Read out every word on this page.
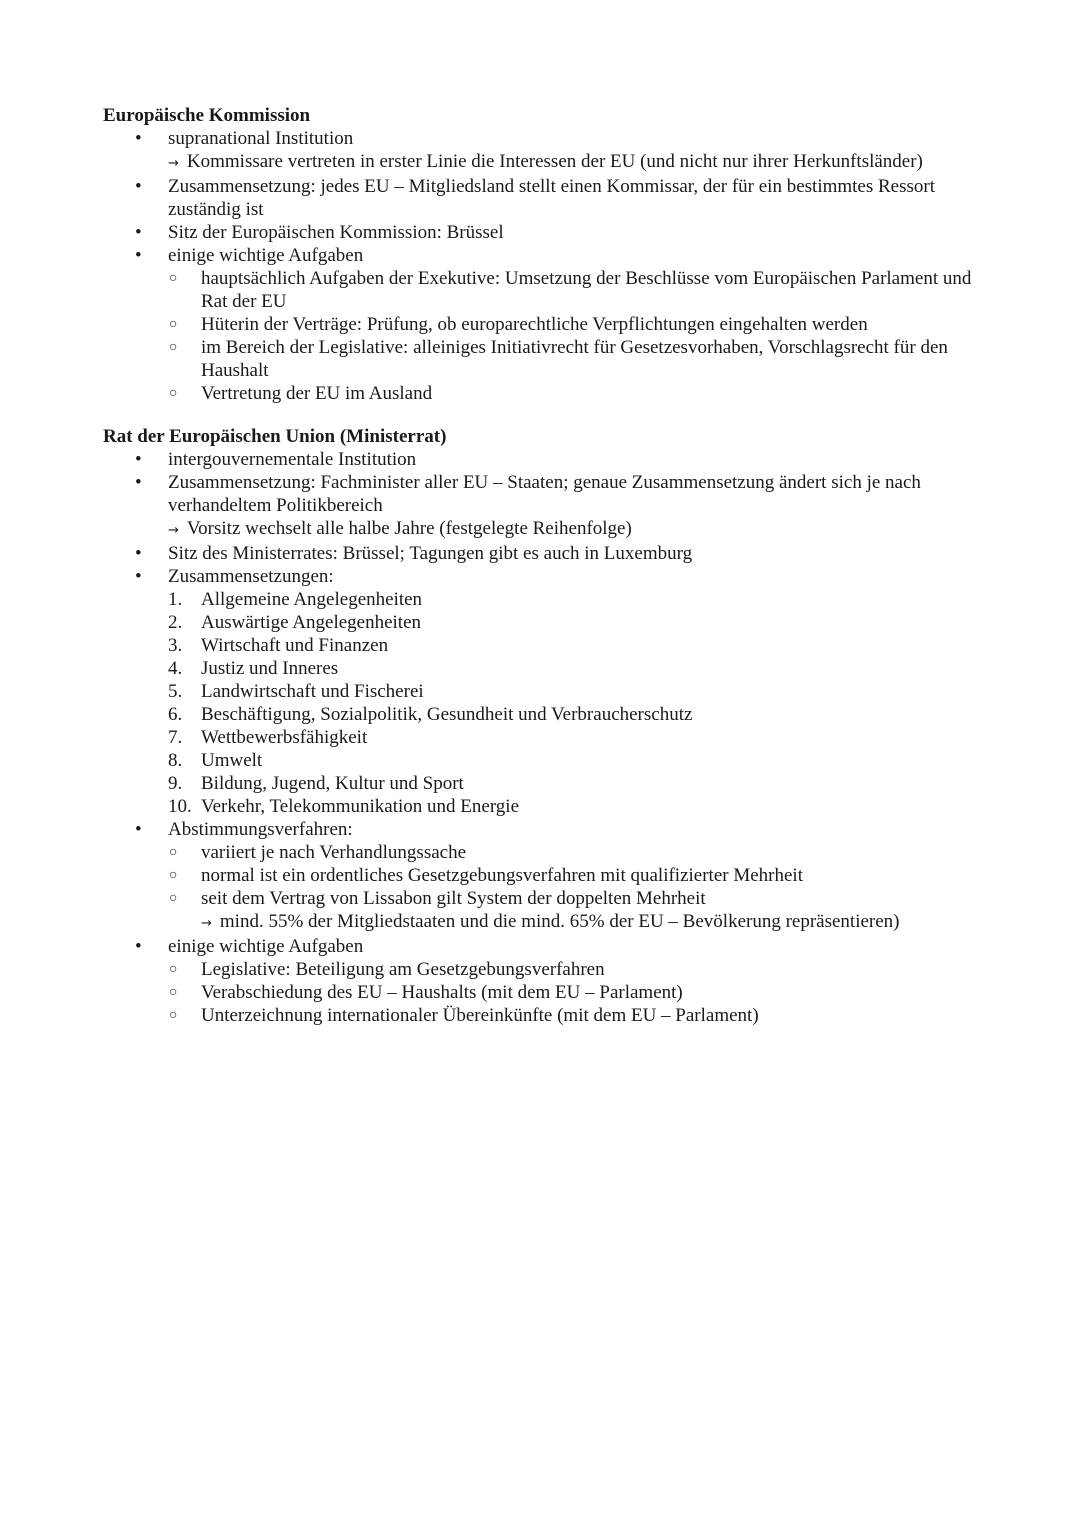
Europäische Kommission
• supranational Institution
→ Kommissare vertreten in erster Linie die Interessen der EU (und nicht nur ihrer Herkunftsländer)
• Zusammensetzung: jedes EU – Mitgliedsland stellt einen Kommissar, der für ein bestimmtes Ressort zuständig ist
• Sitz der Europäischen Kommission: Brüssel
• einige wichtige Aufgaben
○ hauptsächlich Aufgaben der Exekutive: Umsetzung der Beschlüsse vom Europäischen Parlament und Rat der EU
○ Hüterin der Verträge: Prüfung, ob europarechtliche Verpflichtungen eingehalten werden
○ im Bereich der Legislative: alleiniges Initiativrecht für Gesetzesvorhaben, Vorschlagsrecht für den Haushalt
○ Vertretung der EU im Ausland
Rat der Europäischen Union (Ministerrat)
• intergouvernementale Institution
• Zusammensetzung: Fachminister aller EU – Staaten; genaue Zusammensetzung ändert sich je nach verhandeltem Politikbereich
→ Vorsitz wechselt alle halbe Jahre (festgelegte Reihenfolge)
• Sitz des Ministerrates: Brüssel; Tagungen gibt es auch in Luxemburg
• Zusammensetzungen:
1. Allgemeine Angelegenheiten
2. Auswärtige Angelegenheiten
3. Wirtschaft und Finanzen
4. Justiz und Inneres
5. Landwirtschaft und Fischerei
6. Beschäftigung, Sozialpolitik, Gesundheit und Verbraucherschutz
7. Wettbewerbsfähigkeit
8. Umwelt
9. Bildung, Jugend, Kultur und Sport
10. Verkehr, Telekommunikation und Energie
• Abstimmungsverfahren:
○ variiert je nach Verhandlungssache
○ normal ist ein ordentliches Gesetzgebungsverfahren mit qualifizierter Mehrheit
○ seit dem Vertrag von Lissabon gilt System der doppelten Mehrheit
→ mind. 55% der Mitgliedstaaten und die mind. 65% der EU – Bevölkerung repräsentieren)
• einige wichtige Aufgaben
○ Legislative: Beteiligung am Gesetzgebungsverfahren
○ Verabschiedung des EU – Haushalts (mit dem EU – Parlament)
○ Unterzeichnung internationaler Übereinkünfte (mit dem EU – Parlament)
